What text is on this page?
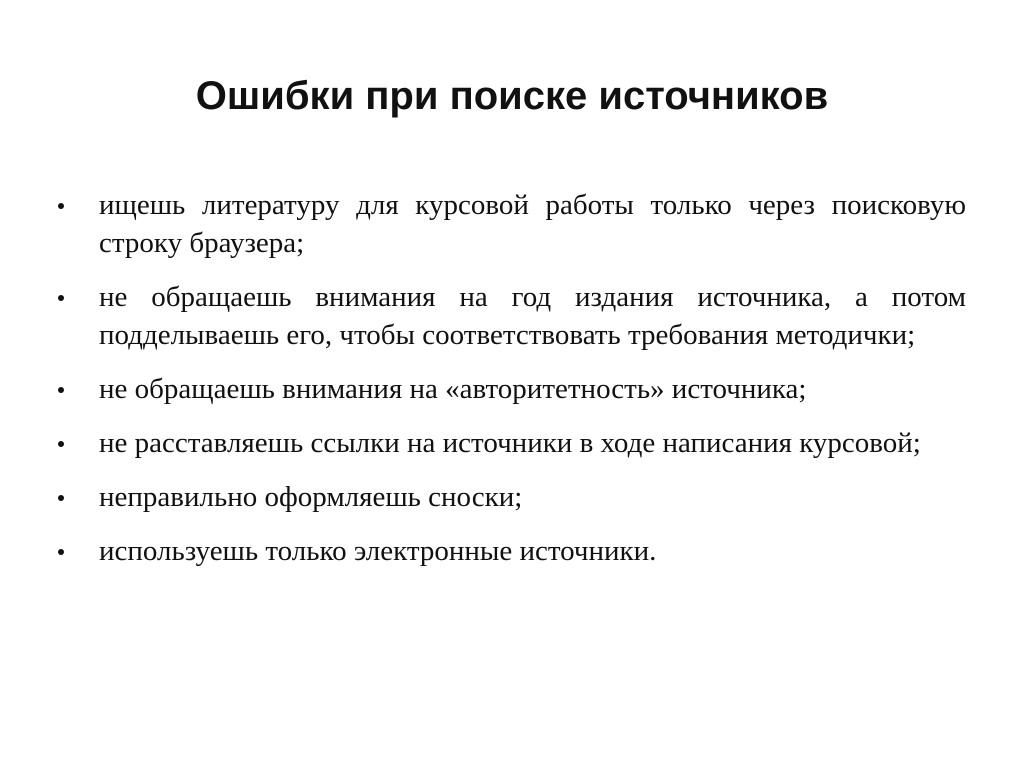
Ошибки при поиске источников
ищешь литературу для курсовой работы только через поисковую строку браузера;
не обращаешь внимания на год издания источника, а потом подделываешь его, чтобы соответствовать требования методички;
не обращаешь внимания на «авторитетность» источника;
не расставляешь ссылки на источники в ходе написания курсовой;
неправильно оформляешь сноски;
используешь только электронные источники.
